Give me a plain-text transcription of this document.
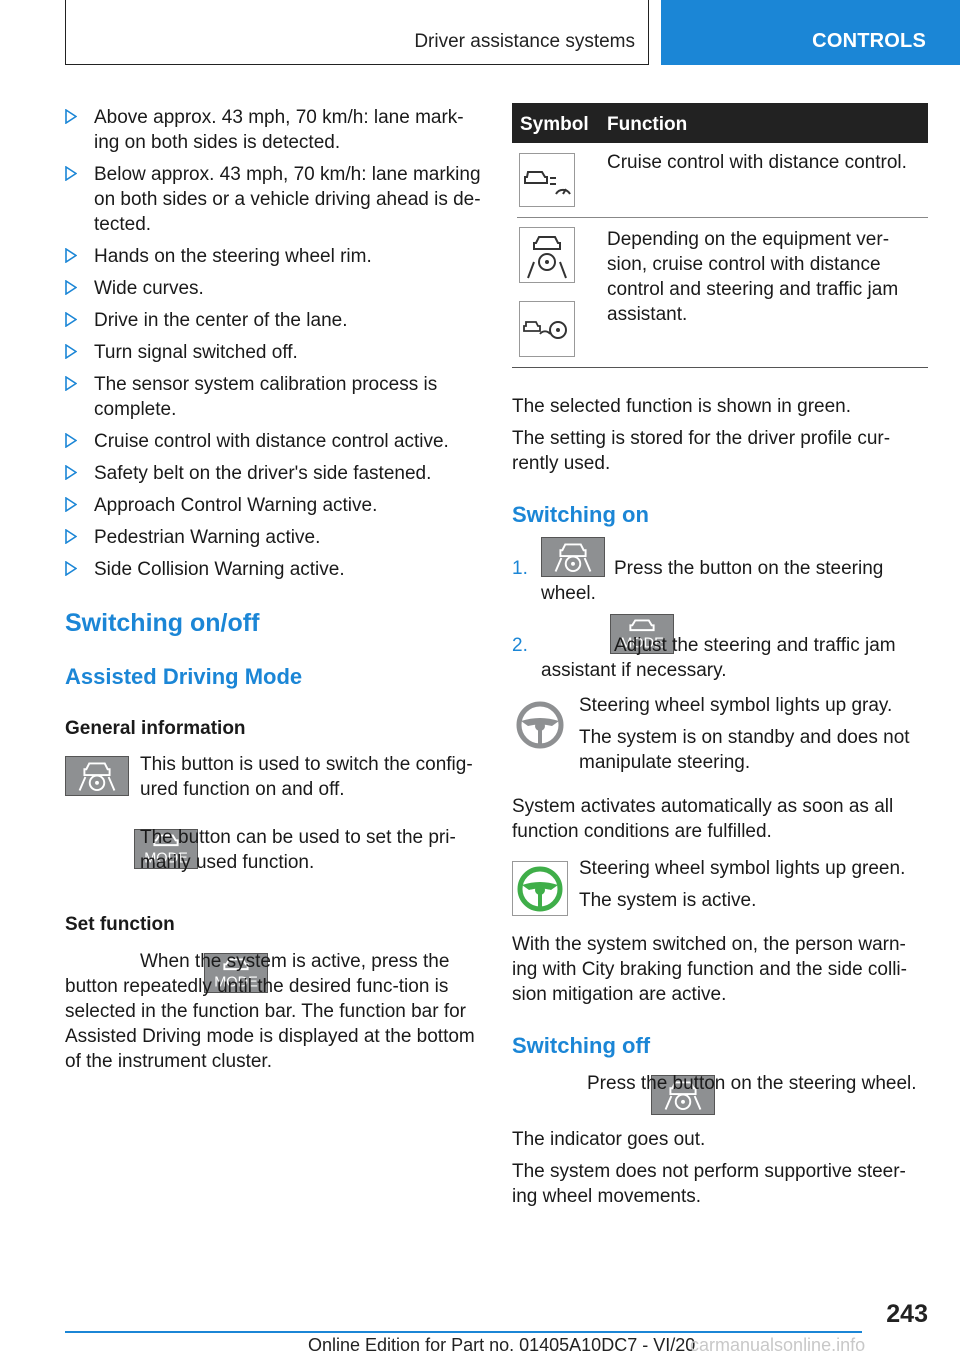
Driver assistance systems	CONTROLS
Above approx. 43 mph, 70 km/h: lane mark-ing on both sides is detected.
Below approx. 43 mph, 70 km/h: lane marking on both sides or a vehicle driving ahead is de-tected.
Hands on the steering wheel rim.
Wide curves.
Drive in the center of the lane.
Turn signal switched off.
The sensor system calibration process is complete.
Cruise control with distance control active.
Safety belt on the driver's side fastened.
Approach Control Warning active.
Pedestrian Warning active.
Side Collision Warning active.
Switching on/off
Assisted Driving Mode
General information

This button is used to switch the config-ured function on and off.

The button can be used to set the pri-marily used function.

Set function

When the system is active, press the button repeatedly until the desired func-tion is selected in the function bar. The function bar for Assisted Driving mode is displayed at the bottom of the instrument cluster.

Symbol Function

Cruise control with distance control.

Depending on the equipment ver-sion, cruise control with distance control and steering and traffic jam assistant.

The selected function is shown in green.

The setting is stored for the driver profile cur-rently used.

Switching on
1.
	Press the button on the steering wheel.

2.
	Adjust the steering and traffic jam assistant if necessary.

Steering wheel symbol lights up gray.

The system is on standby and does not manipulate steering.

System activates automatically as soon as all function conditions are fulfilled.

Steering wheel symbol lights up green.

The system is active.

With the system switched on, the person warn-ing with City braking function and the side colli-sion mitigation are active.

Switching off

Press the button on the steering wheel.

The indicator goes out.

The system does not perform supportive steer-ing wheel movements.

243
Online Edition for Part no. 01405A10DC7 - VI/20
carmanualsonline.info
